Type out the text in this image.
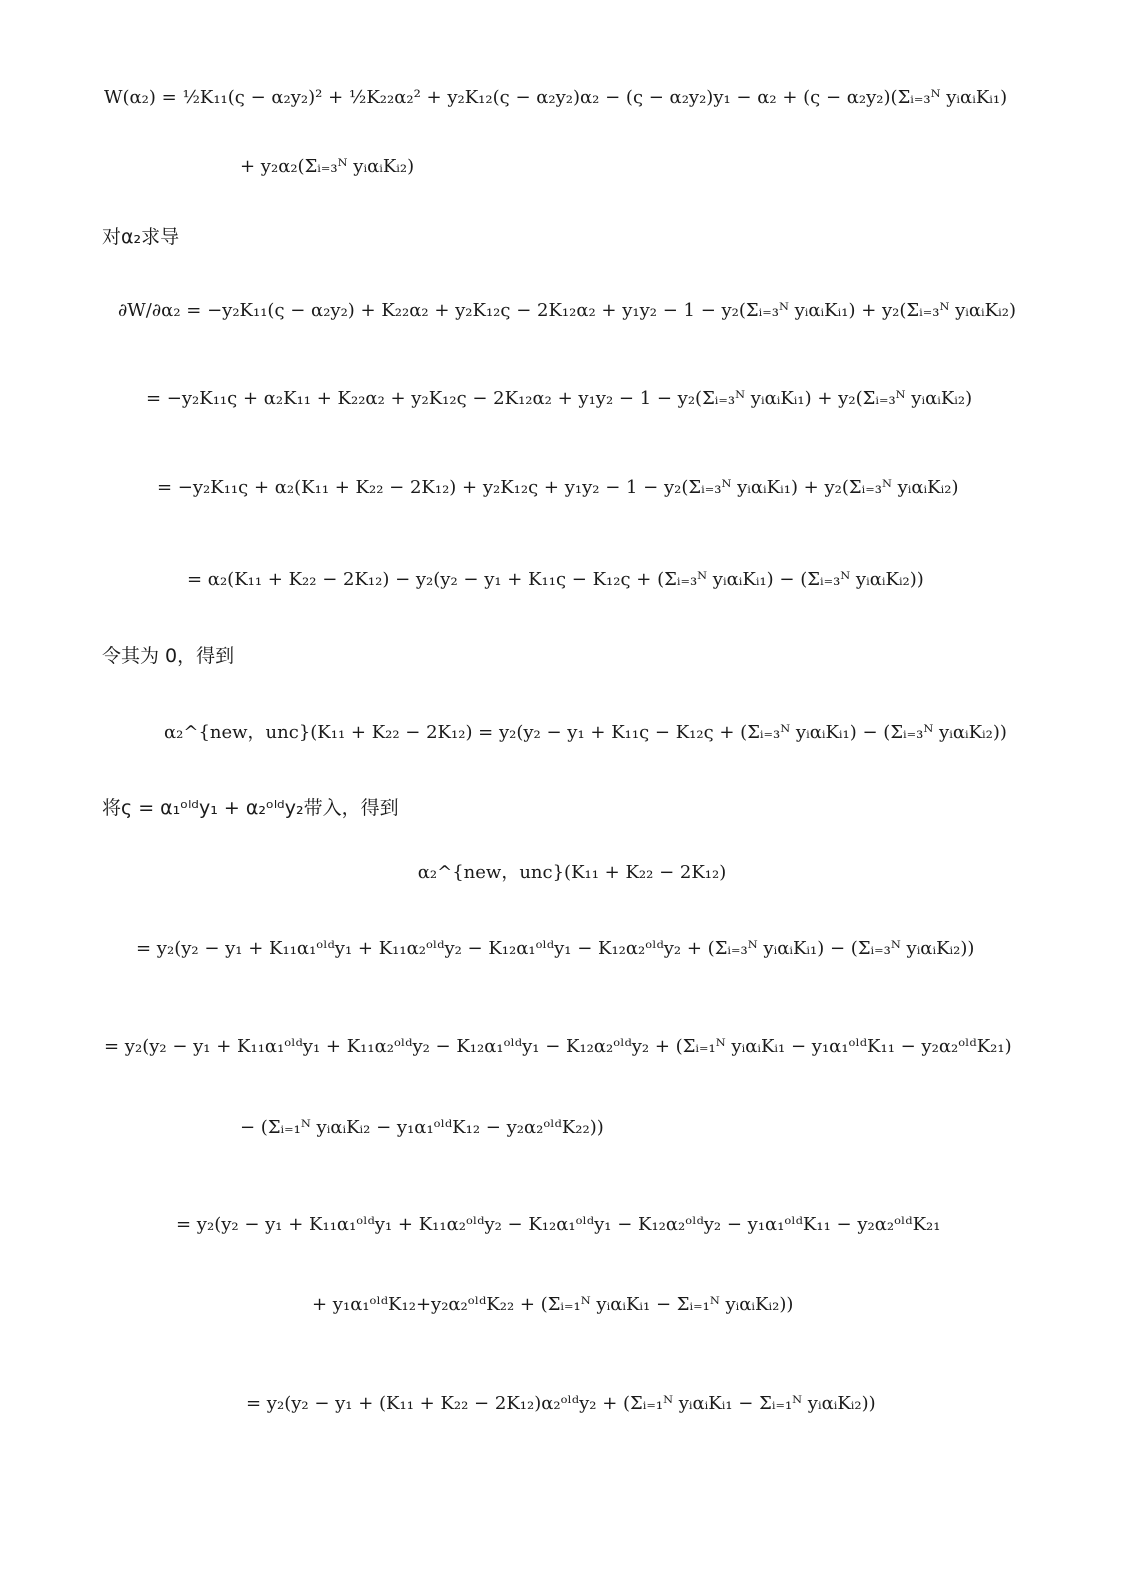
W(α₂) = ½K₁₁(ς − α₂y₂)² + ½K₂₂α₂² + y₂K₁₂(ς − α₂y₂)α₂ − (ς − α₂y₂)y₁ − α₂ + (ς − α₂y₂)(Σᵢ₌₃ᴺ yᵢαᵢKᵢ₁)
+ y₂α₂(Σᵢ₌₃ᴺ yᵢαᵢKᵢ₂)
对α₂求导
∂W/∂α₂ = −y₂K₁₁(ς − α₂y₂) + K₂₂α₂ + y₂K₁₂ς − 2K₁₂α₂ + y₁y₂ − 1 − y₂(Σᵢ₌₃ᴺ yᵢαᵢKᵢ₁) + y₂(Σᵢ₌₃ᴺ yᵢαᵢKᵢ₂)
= −y₂K₁₁ς + α₂K₁₁ + K₂₂α₂ + y₂K₁₂ς − 2K₁₂α₂ + y₁y₂ − 1 − y₂(Σᵢ₌₃ᴺ yᵢαᵢKᵢ₁) + y₂(Σᵢ₌₃ᴺ yᵢαᵢKᵢ₂)
= −y₂K₁₁ς + α₂(K₁₁ + K₂₂ − 2K₁₂) + y₂K₁₂ς + y₁y₂ − 1 − y₂(Σᵢ₌₃ᴺ yᵢαᵢKᵢ₁) + y₂(Σᵢ₌₃ᴺ yᵢαᵢKᵢ₂)
= α₂(K₁₁ + K₂₂ − 2K₁₂) − y₂(y₂ − y₁ + K₁₁ς − K₁₂ς + (Σᵢ₌₃ᴺ yᵢαᵢKᵢ₁) − (Σᵢ₌₃ᴺ yᵢαᵢKᵢ₂))
令其为 0，得到
α₂^{new，unc}(K₁₁ + K₂₂ − 2K₁₂) = y₂(y₂ − y₁ + K₁₁ς − K₁₂ς + (Σᵢ₌₃ᴺ yᵢαᵢKᵢ₁) − (Σᵢ₌₃ᴺ yᵢαᵢKᵢ₂))
将ς = α₁ᵒˡᵈy₁ + α₂ᵒˡᵈy₂带入，得到
α₂^{new，unc}(K₁₁ + K₂₂ − 2K₁₂)
= y₂(y₂ − y₁ + K₁₁α₁ᵒˡᵈy₁ + K₁₁α₂ᵒˡᵈy₂ − K₁₂α₁ᵒˡᵈy₁ − K₁₂α₂ᵒˡᵈy₂ + (Σᵢ₌₃ᴺ yᵢαᵢKᵢ₁) − (Σᵢ₌₃ᴺ yᵢαᵢKᵢ₂))
= y₂(y₂ − y₁ + K₁₁α₁ᵒˡᵈy₁ + K₁₁α₂ᵒˡᵈy₂ − K₁₂α₁ᵒˡᵈy₁ − K₁₂α₂ᵒˡᵈy₂ + (Σᵢ₌₁ᴺ yᵢαᵢKᵢ₁ − y₁α₁ᵒˡᵈK₁₁ − y₂α₂ᵒˡᵈK₂₁)
− (Σᵢ₌₁ᴺ yᵢαᵢKᵢ₂ − y₁α₁ᵒˡᵈK₁₂ − y₂α₂ᵒˡᵈK₂₂))
= y₂(y₂ − y₁ + K₁₁α₁ᵒˡᵈy₁ + K₁₁α₂ᵒˡᵈy₂ − K₁₂α₁ᵒˡᵈy₁ − K₁₂α₂ᵒˡᵈy₂ − y₁α₁ᵒˡᵈK₁₁ − y₂α₂ᵒˡᵈK₂₁
+ y₁α₁ᵒˡᵈK₁₂+y₂α₂ᵒˡᵈK₂₂ + (Σᵢ₌₁ᴺ yᵢαᵢKᵢ₁ − Σᵢ₌₁ᴺ yᵢαᵢKᵢ₂))
= y₂(y₂ − y₁ + (K₁₁ + K₂₂ − 2K₁₂)α₂ᵒˡᵈy₂ + (Σᵢ₌₁ᴺ yᵢαᵢKᵢ₁ − Σᵢ₌₁ᴺ yᵢαᵢKᵢ₂))
